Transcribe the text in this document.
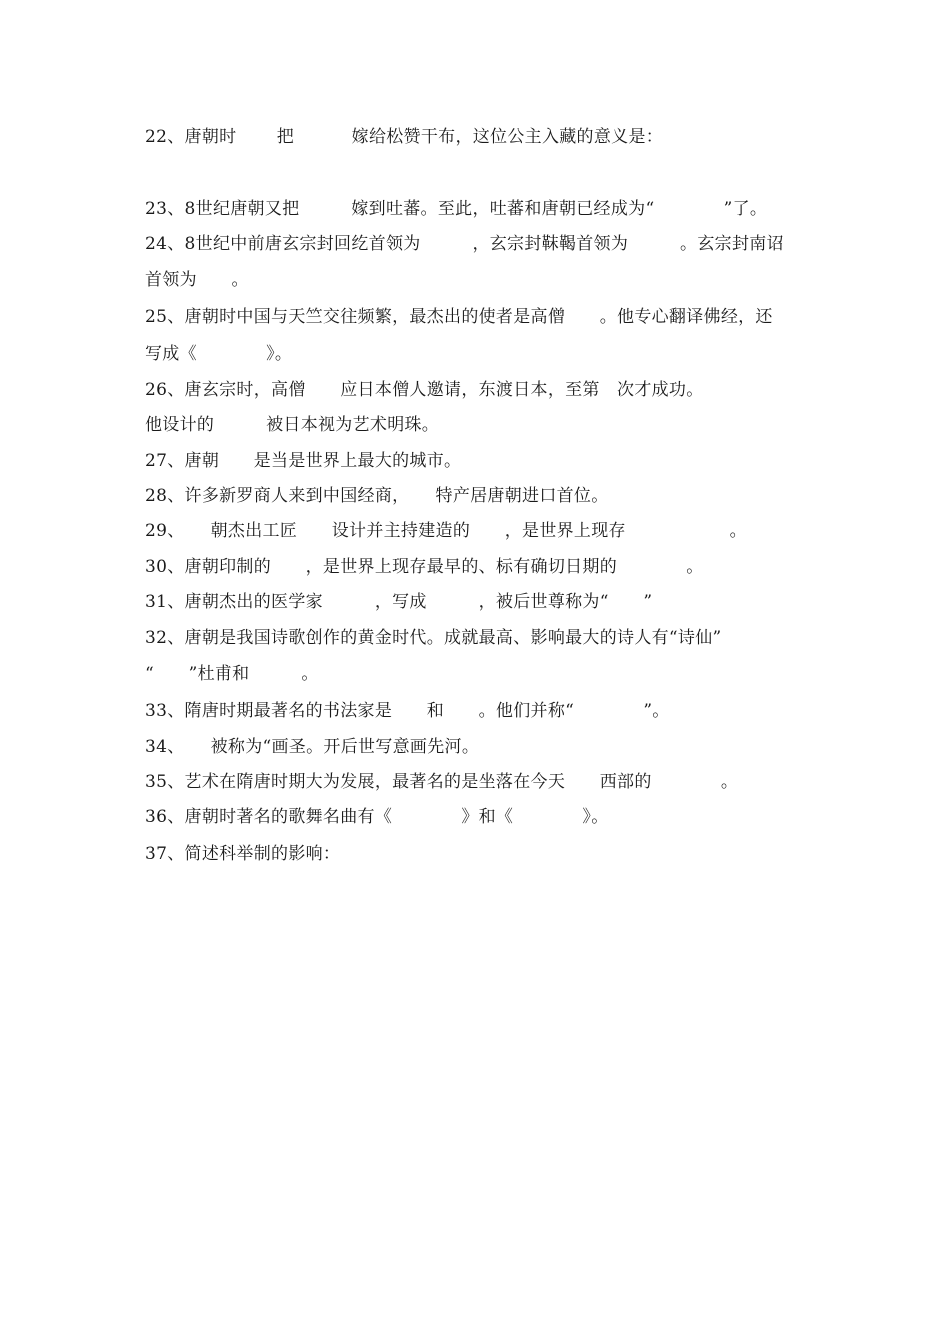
22、唐朝时　　 把　　　 嫁给松赞干布，这位公主入藏的意义是：
23、8世纪唐朝又把　　　嫁到吐蕃。至此，吐蕃和唐朝已经成为“　　　　”了。
24、8世纪中前唐玄宗封回纥首领为　　　，玄宗封靺鞨首领为　　　。玄宗封南诏
首领为　　。
25、唐朝时中国与天竺交往频繁，最杰出的使者是高僧　　。他专心翻译佛经，还
写成《　　　　》。
26、唐玄宗时，高僧　　应日本僧人邀请，东渡日本，至第　次才成功。
他设计的　　　被日本视为艺术明珠。
27、唐朝　　是当是世界上最大的城市。
28、许多新罗商人来到中国经商，　　特产居唐朝进口首位。
29、　　朝杰出工匠　　设计并主持建造的　　，是世界上现存　　　　　　。
30、唐朝印制的　　，是世界上现存最早的、标有确切日期的　　　　。
31、唐朝杰出的医学家　　　，写成　　　，被后世尊称为“　　”
32、唐朝是我国诗歌创作的黄金时代。成就最高、影响最大的诗人有“诗仙”
“　　”杜甫和　　　。
33、隋唐时期最著名的书法家是　　和　　。他们并称“　　　　”。
34、　　被称为“画圣。开后世写意画先河。
35、艺术在隋唐时期大为发展，最著名的是坐落在今天　　西部的　　　　。
36、唐朝时著名的歌舞名曲有《　　　　》和《　　　　》。
37、简述科举制的影响：
